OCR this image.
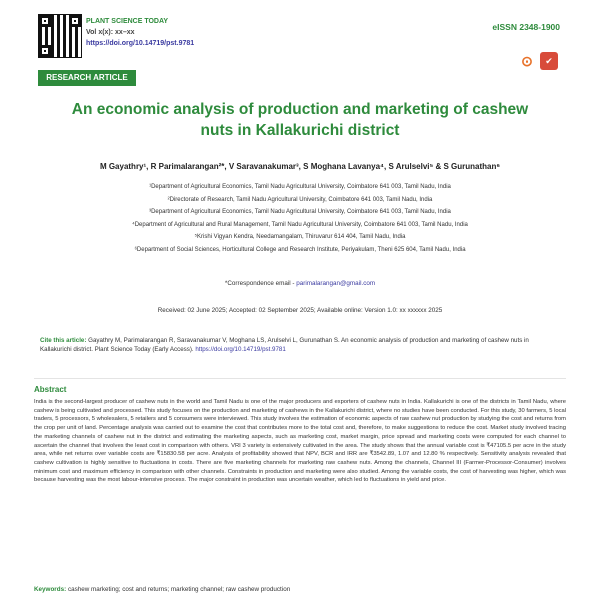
PLANT SCIENCE TODAY
Vol x(x): xx–xx
https://doi.org/10.14719/pst.9781
eISSN 2348-1900
⊙	✔
RESEARCH ARTICLE
An economic analysis of production and marketing of cashew nuts in Kallakurichi district
M Gayathry¹, R Parimalarangan²*, V Saravanakumar³, S Moghana Lavanya⁴, S Arulselvi⁵ & S Gurunathan⁶
¹Department of Agricultural Economics, Tamil Nadu Agricultural University, Coimbatore 641 003, Tamil Nadu, India
²Directorate of Research, Tamil Nadu Agricultural University, Coimbatore 641 003, Tamil Nadu, India
³Department of Agricultural Economics, Tamil Nadu Agricultural University, Coimbatore 641 003, Tamil Nadu, India
⁴Department of Agricultural and Rural Management, Tamil Nadu Agricultural University, Coimbatore 641 003, Tamil Nadu, India
⁵Krishi Vigyan Kendra, Needamangalam, Thiruvarur 614 404, Tamil Nadu, India
⁶Department of Social Sciences, Horticultural College and Research Institute, Periyakulam, Theni 625 604, Tamil Nadu, India
*Correspondence email - parimalarangan@gmail.com
Received: 02 June 2025; Accepted: 02 September 2025; Available online: Version 1.0: xx xxxxxx 2025
Cite this article: Gayathry M, Parimalarangan R, Saravanakumar V, Moghana LS, Arulselvi L, Gurunathan S. An economic analysis of production and marketing of cashew nuts in Kallakurichi district. Plant Science Today (Early Access). https://doi.org/10.14719/pst.9781
Abstract
India is the second-largest producer of cashew nuts in the world and Tamil Nadu is one of the major producers and exporters of cashew nuts in India. Kallakurichi is one of the districts in Tamil Nadu, where cashew is being cultivated and processed. This study focuses on the production and marketing of cashews in the Kallakurichi district, where no studies have been conducted. For this study, 30 farmers, 5 local traders, 5 processors, 5 wholesalers, 5 retailers and 5 consumers were interviewed. This study involves the estimation of economic aspects of raw cashew nut production by studying the cost and returns from the crop per unit of land. Percentage analysis was carried out to examine the cost that contributes more to the total cost and, therefore, to make suggestions to reduce the cost. Market study involved tracing the marketing channels of cashew nut in the district and estimating the marketing aspects, such as marketing cost, market margin, price spread and marketing costs were computed for each channel to ascertain the channel that involves the least cost in comparison with others. VRI 3 variety is extensively cultivated in the area. The study shows that the annual variable cost is ₹47105.5 per acre in the study area, while net returns over variable costs are ₹15830.58 per acre. Analysis of profitability showed that NPV, BCR and IRR are ₹3542.89, 1.07 and 12.80 % respectively. Sensitivity analysis revealed that cashew cultivation is highly sensitive to fluctuations in costs. There are five marketing channels for marketing raw cashew nuts. Among the channels, Channel III (Farmer-Processor-Consumer) involves minimum cost and maximum efficiency in comparison with other channels. Constraints in production and marketing were also studied. Among the variable costs, the cost of harvesting was higher, which was because harvesting was the most labour-intensive process. The major constraint in production was uncertain weather, which led to fluctuations in yield and price.
Keywords: cashew marketing; cost and returns; marketing channel; raw cashew production
